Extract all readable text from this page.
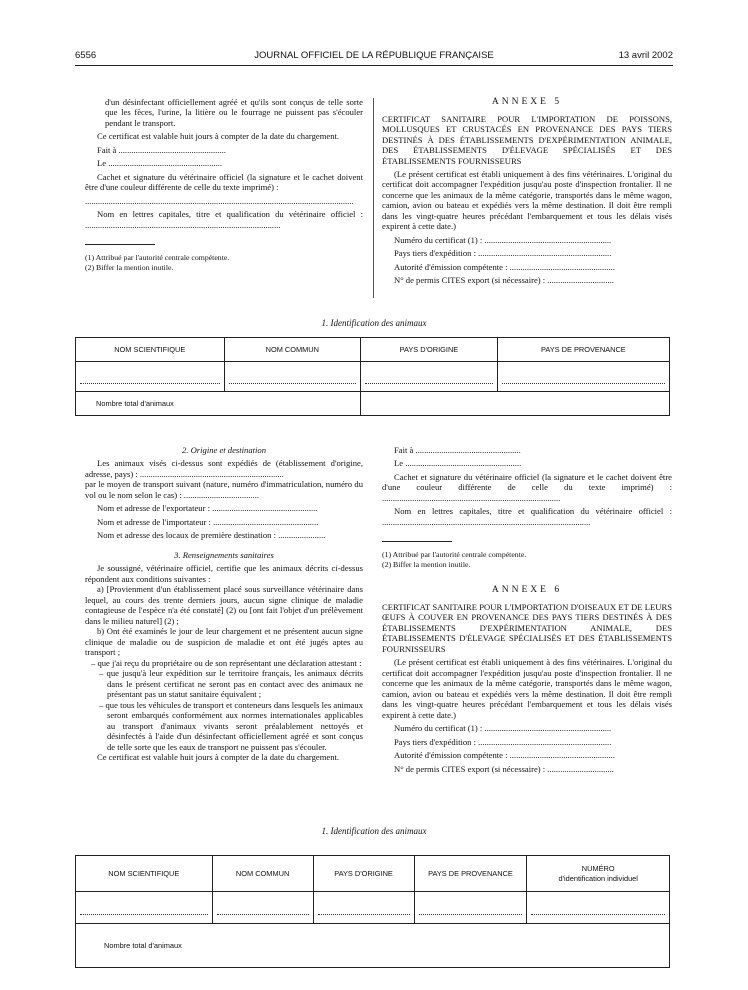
6556	JOURNAL OFFICIEL DE LA RÉPUBLIQUE FRANÇAISE	13 avril 2002

d'un désinfectant officiellement agréé et qu'ils sont conçus de telle sorte que les fèces, l'urine, la litière ou le fourrage ne puissent pas s'écouler pendant le transport.

Ce certificat est valable huit jours à compter de la date du chargement.

Fait à ..................................................

Le .....................................................

Cachet et signature du vétérinaire officiel (la signature et le cachet doivent être d'une couleur différente de celle du texte imprimé) :

.............................................................................................................................

Nom en lettres capitales, titre et qualification du vétérinaire officiel : ...........................................................................................

(1) Attribué par l'autorité centrale compétente.

(2) Biffer la mention inutile.

ANNEXE 5

CERTIFICAT SANITAIRE POUR L'IMPORTATION DE POISSONS, MOLLUSQUES ET CRUSTACÉS EN PROVENANCE DES PAYS TIERS DESTINÉS À DES ÉTABLISSEMENTS D'EXPÉRIMENTATION ANIMALE, DES ÉTABLISSEMENTS D'ÉLEVAGE SPÉCIALISÉS ET DES ÉTABLISSEMENTS FOURNISSEURS

(Le présent certificat est établi uniquement à des fins vétérinaires. L'original du certificat doit accompagner l'expédition jusqu'au poste d'inspection frontalier. Il ne concerne que les animaux de la même catégorie, transportés dans le même wagon, camion, avion ou bateau et expédiés vers la même destination. Il doit être rempli dans les vingt-quatre heures précédant l'embarquement et tous les délais visés expirent à cette date.)

Numéro du certificat (1) : ...........................................................

Pays tiers d'expédition : ..............................................................

Autorité d'émission compétente : .................................................

N° de permis CITES export (si nécessaire) : ...............................

1. Identification des animaux
NOM SCIENTIFIQUE	NOM COMMUN	PAYS D'ORIGINE	PAYS DE PROVENANCE

Nombre total d'animaux			

2. Origine et destination

Les animaux visés ci-dessus sont expédiés de (établissement d'origine, adresse, pays) : ...................................................................

par le moyen de transport suivant (nature, numéro d'immatriculation, numéro du vol ou le nom selon le cas) : ...................................

Nom et adresse de l'exportateur : .................................................

Nom et adresse de l'importateur : .................................................

Nom et adresse des locaux de première destination : ......................

3. Renseignements sanitaires

Je soussigné, vétérinaire officiel, certifie que les animaux décrits ci-dessus répondent aux conditions suivantes :

a) [Provienment d'un établissement placé sous surveillance vétérinaire dans lequel, au cours des trente derniers jours, aucun signe clinique de maladie contagieuse de l'espèce n'a été constaté] (2) ou [ont fait l'objet d'un prélèvement dans le milieu naturel] (2) ;

b) Ont été examinés le jour de leur chargement et ne présentent aucun signe clinique de maladie ou de suspicion de maladie et ont été jugés aptes au transport ;

– que j'ai reçu du propriétaire ou de son représentant une déclaration attestant :

– que jusqu'à leur expédition sur le territoire français, les animaux décrits dans le présent certificat ne seront pas en contact avec des animaux ne présentant pas un statut sanitaire équivalent ;

– que tous les véhicules de transport et conteneurs dans lesquels les animaux seront embarqués conformément aux normes internationales applicables au transport d'animaux vivants seront préalablement nettoyés et désinfectés à l'aide d'un désinfectant officiellement agréé et sont conçus de telle sorte que les eaux de transport ne puissent pas s'écouler.

Ce certificat est valable huit jours à compter de la date du chargement.

Fait à .................................................

Le ......................................................

Cachet et signature du vétérinaire officiel (la signature et le cachet doivent être d'une couleur différente de celle du texte imprimé) : ...................................................................................

Nom en lettres capitales, titre et qualification du vétérinaire officiel : .................................................................................................

(1) Attribué par l'autorité centrale compétente.

(2) Biffer la mention inutile.

ANNEXE 6

CERTIFICAT SANITAIRE POUR L'IMPORTATION D'OISEAUX ET DE LEURS ŒUFS À COUVER EN PROVENANCE DES PAYS TIERS DESTINÉS À DES ÉTABLISSEMENTS D'EXPÉRIMENTATION ANIMALE, DES ÉTABLISSEMENTS D'ÉLEVAGE SPÉCIALISÉS ET DES ÉTABLISSEMENTS FOURNISSEURS

(Le présent certificat est établi uniquement à des fins vétérinaires. L'original du certificat doit accompagner l'expédition jusqu'au poste d'inspection frontalier. Il ne concerne que les animaux de la même catégorie, transportés dans le même wagon, camion, avion ou bateau et expédiés vers la même destination. Il doit être rempli dans les vingt-quatre heures précédant l'embarquement et tous les délais visés expirent à cette date.)

Numéro du certificat (1) : ...........................................................

Pays tiers d'expédition : ..............................................................

Autorité d'émission compétente : .................................................

N° de permis CITES export (si nécessaire) : ...............................

1. Identification des animaux
NOM SCIENTIFIQUE	NOM COMMUN	PAYS D'ORIGINE	PAYS DE PROVENANCE	NUMÉRO
d'identification individuel

Nombre total d'animaux				
